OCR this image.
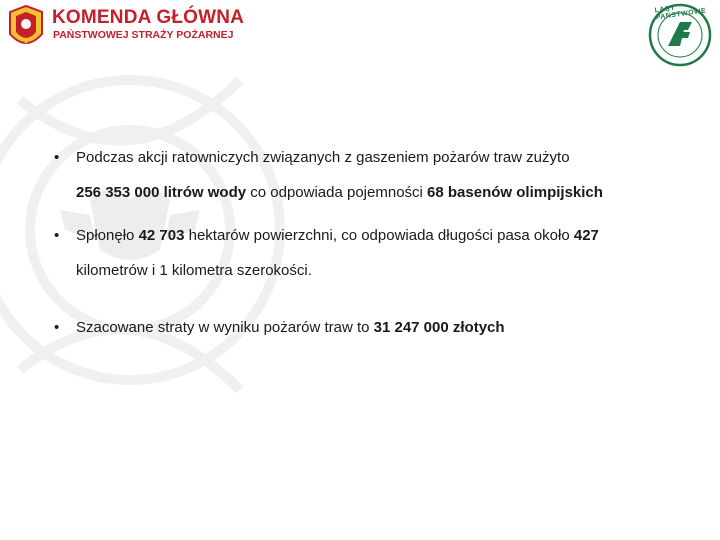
KOMENDA GŁÓWNA
PAŃSTWOWEJ STRAŻY POŻARNEJ
LASY PAŃSTWOWE
• Podczas akcji ratowniczych związanych z gaszeniem pożarów traw zużyto
256 353 000 litrów wody co odpowiada pojemności 68 basenów olimpijskich
• Spłonęło 42 703 hektarów powierzchni, co odpowiada długości pasa około 427
kilometrów i 1 kilometra szerokości.
• Szacowane straty w wyniku pożarów traw to 31 247 000 złotych
